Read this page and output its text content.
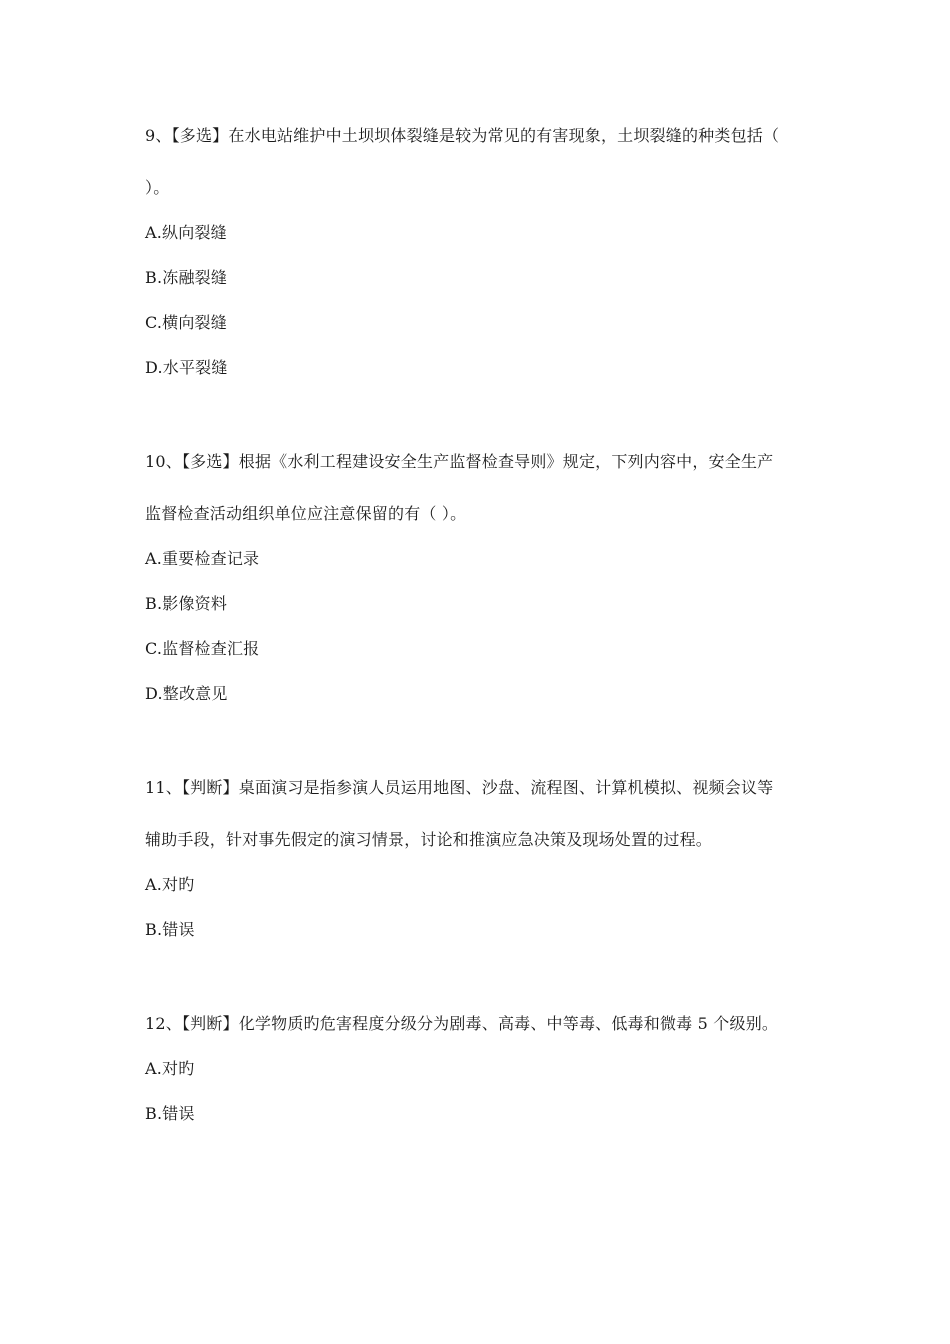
9、【多选】在水电站维护中土坝坝体裂缝是较为常见的有害现象，土坝裂缝的种类包括（
）。
A.纵向裂缝
B.冻融裂缝
C.横向裂缝
D.水平裂缝
10、【多选】根据《水利工程建设安全生产监督检查导则》规定，下列内容中，安全生产
监督检查活动组织单位应注意保留的有（ ）。
A.重要检查记录
B.影像资料
C.监督检查汇报
D.整改意见
11、【判断】桌面演习是指参演人员运用地图、沙盘、流程图、计算机模拟、视频会议等
辅助手段，针对事先假定的演习情景，讨论和推演应急决策及现场处置的过程。
A.对旳
B.错误
12、【判断】化学物质旳危害程度分级分为剧毒、高毒、中等毒、低毒和微毒 5 个级别。
A.对旳
B.错误
